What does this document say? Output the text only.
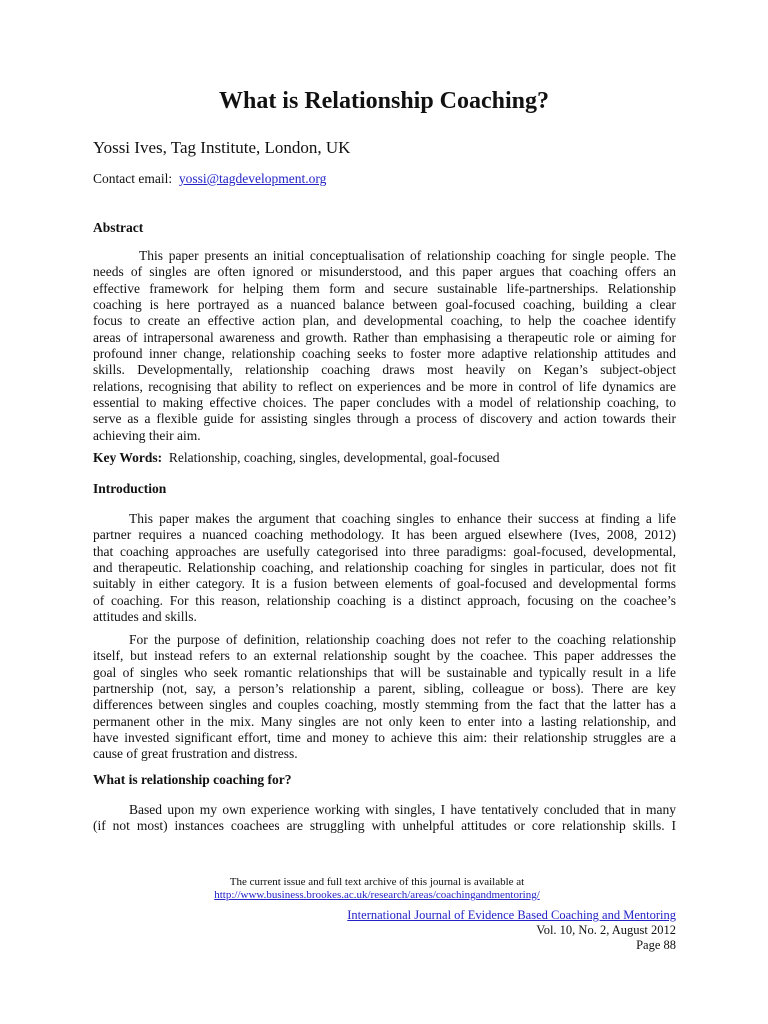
What is Relationship Coaching?
Yossi Ives, Tag Institute, London, UK
Contact email: yossi@tagdevelopment.org
Abstract
This paper presents an initial conceptualisation of relationship coaching for single people. The
needs of singles are often ignored or misunderstood, and this paper argues that coaching offers an
effective framework for helping them form and secure sustainable life-partnerships. Relationship
coaching is here portrayed as a nuanced balance between goal-focused coaching, building a clear
focus to create an effective action plan, and developmental coaching, to help the coachee identify
areas of intrapersonal awareness and growth. Rather than emphasising a therapeutic role or aiming for
profound inner change, relationship coaching seeks to foster more adaptive relationship attitudes and
skills. Developmentally, relationship coaching draws most heavily on Kegan’s subject-object
relations, recognising that ability to reflect on experiences and be more in control of life dynamics are
essential to making effective choices. The paper concludes with a model of relationship coaching, to
serve as a flexible guide for assisting singles through a process of discovery and action towards their
achieving their aim.
Key Words: Relationship, coaching, singles, developmental, goal-focused
Introduction
This paper makes the argument that coaching singles to enhance their success at finding a life
partner requires a nuanced coaching methodology. It has been argued elsewhere (Ives, 2008, 2012)
that coaching approaches are usefully categorised into three paradigms: goal-focused, developmental,
and therapeutic. Relationship coaching, and relationship coaching for singles in particular, does not fit
suitably in either category. It is a fusion between elements of goal-focused and developmental forms
of coaching. For this reason, relationship coaching is a distinct approach, focusing on the coachee’s
attitudes and skills.
For the purpose of definition, relationship coaching does not refer to the coaching relationship
itself, but instead refers to an external relationship sought by the coachee. This paper addresses the
goal of singles who seek romantic relationships that will be sustainable and typically result in a life
partnership (not, say, a person’s relationship a parent, sibling, colleague or boss). There are key
differences between singles and couples coaching, mostly stemming from the fact that the latter has a
permanent other in the mix. Many singles are not only keen to enter into a lasting relationship, and
have invested significant effort, time and money to achieve this aim: their relationship struggles are a
cause of great frustration and distress.
What is relationship coaching for?
Based upon my own experience working with singles, I have tentatively concluded that in many
(if not most) instances coachees are struggling with unhelpful attitudes or core relationship skills. I
The current issue and full text archive of this journal is available at
http://www.business.brookes.ac.uk/research/areas/coachingandmentoring/
International Journal of Evidence Based Coaching and Mentoring
Vol. 10, No. 2, August 2012
Page 88
